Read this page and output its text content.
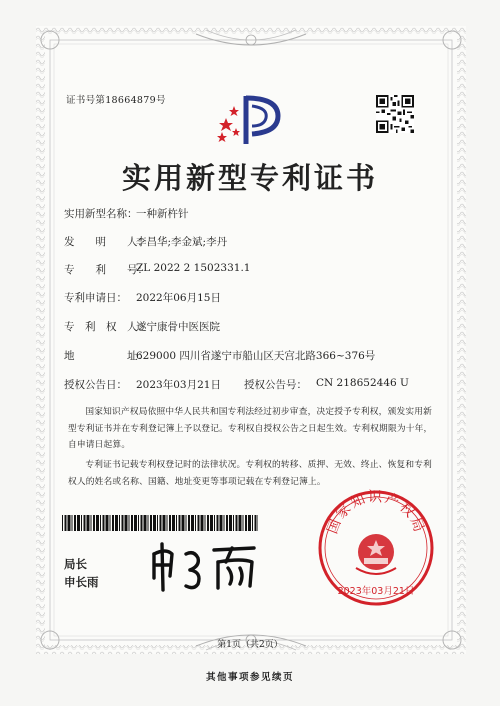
证书号第18664879号
实用新型专利证书
实用新型名称：
一种新杵针
发　　明　　人：
李昌华;李金斌;李丹
专　　利　　号：
ZL 2022 2 1502331.1
专利申请日： 2022年06月15日
专　利　权　人：
遂宁康骨中医医院
地　　　　　址：
629000 四川省遂宁市船山区天宫北路366~376号
授权公告日： 2023年03月21日 授权公告号： CN 218652446 U
国家知识产权局依照中华人民共和国专利法经过初步审查，决定授予专利权，颁发实用新型专利证书并在专利登记簿上予以登记。专利权自授权公告之日起生效。专利权期限为十年，自申请日起算。
专利证书记载专利权登记时的法律状况。专利权的转移、质押、无效、终止、恢复和专利权人的姓名或名称、国籍、地址变更等事项记载在专利登记簿上。
局长
申长雨
国家知识产权局
2023年03月21日
第1页（共2页）
其他事项参见续页
